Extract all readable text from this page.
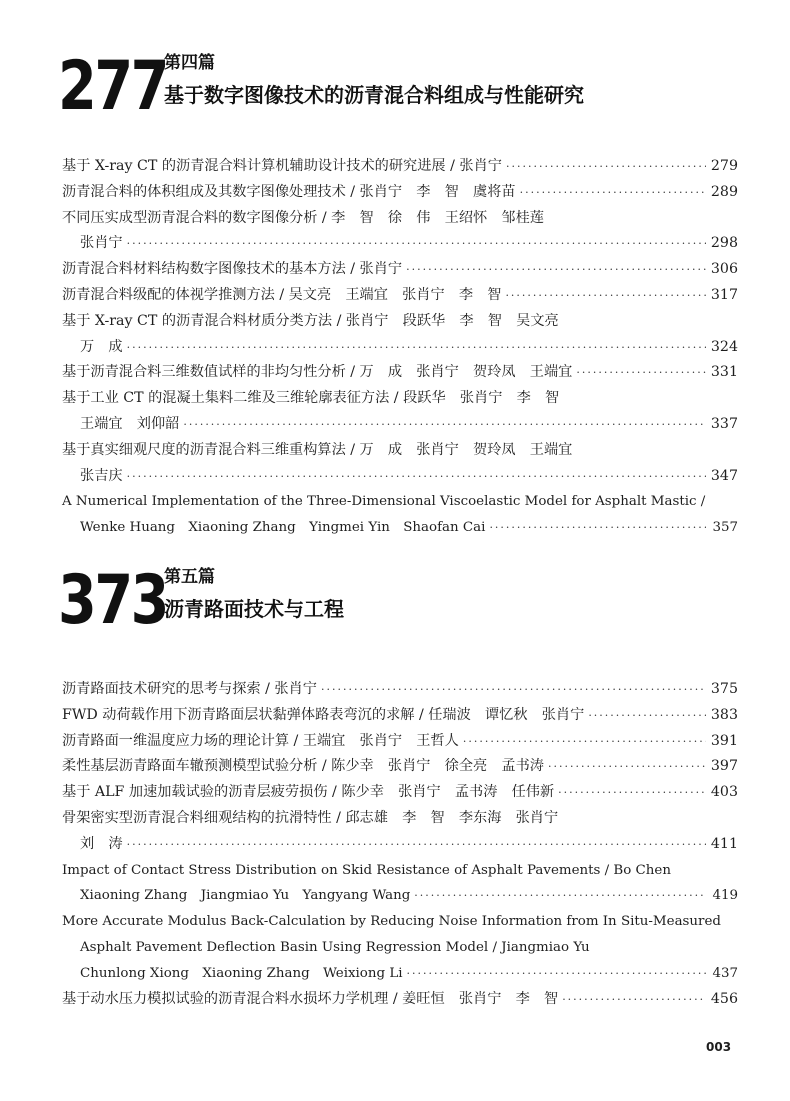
277
第四篇
基于数字图像技术的沥青混合料组成与性能研究
基于 X-ray CT 的沥青混合料计算机辅助设计技术的研究进展 / 张肖宁 ·····	279
沥青混合料的体积组成及其数字图像处理技术 / 张肖宁　李　智　虞将苗 ·····	289
不同压实成型沥青混合料的数字图像分析 / 李　智　徐　伟　王绍怀　邹桂莲
张肖宁 ·····	298
沥青混合料材料结构数字图像技术的基本方法 / 张肖宁 ·····	306
沥青混合料级配的体视学推测方法 / 吴文亮　王端宜　张肖宁　李　智 ·····	317
基于 X-ray CT 的沥青混合料材质分类方法 / 张肖宁　段跃华　李　智　吴文亮
万　成 ·····	324
基于沥青混合料三维数值试样的非均匀性分析 / 万　成　张肖宁　贺玲凤　王端宜 ·····	331
基于工业 CT 的混凝土集料二维及三维轮廓表征方法 / 段跃华　张肖宁　李　智
王端宜　刘仰韶 ·····	337
基于真实细观尺度的沥青混合料三维重构算法 / 万　成　张肖宁　贺玲凤　王端宜
张吉庆 ·····	347
A Numerical Implementation of the Three-Dimensional Viscoelastic Model for Asphalt Mastic /
Wenke Huang　Xiaoning Zhang　Yingmei Yin　Shaofan Cai ·····	357
373
第五篇
沥青路面技术与工程
沥青路面技术研究的思考与探索 / 张肖宁 ·····	375
FWD 动荷载作用下沥青路面层状黏弹体路表弯沉的求解 / 任瑞波　谭忆秋　张肖宁 ·····	383
沥青路面一维温度应力场的理论计算 / 王端宜　张肖宁　王哲人 ·····	391
柔性基层沥青路面车辙预测模型试验分析 / 陈少幸　张肖宁　徐全亮　孟书涛 ·····	397
基于 ALF 加速加载试验的沥青层疲劳损伤 / 陈少幸　张肖宁　孟书涛　任伟新 ·····	403
骨架密实型沥青混合料细观结构的抗滑特性 / 邱志雄　李　智　李东海　张肖宁
刘　涛 ·····	411
Impact of Contact Stress Distribution on Skid Resistance of Asphalt Pavements / Bo Chen
Xiaoning Zhang　Jiangmiao Yu　Yangyang Wang ·····	419
More Accurate Modulus Back-Calculation by Reducing Noise Information from In Situ-Measured
Asphalt Pavement Deflection Basin Using Regression Model / Jiangmiao Yu
Chunlong Xiong　Xiaoning Zhang　Weixiong Li ·····	437
基于动水压力模拟试验的沥青混合料水损坏力学机理 / 姜旺恒　张肖宁　李　智 ·····	456
003
